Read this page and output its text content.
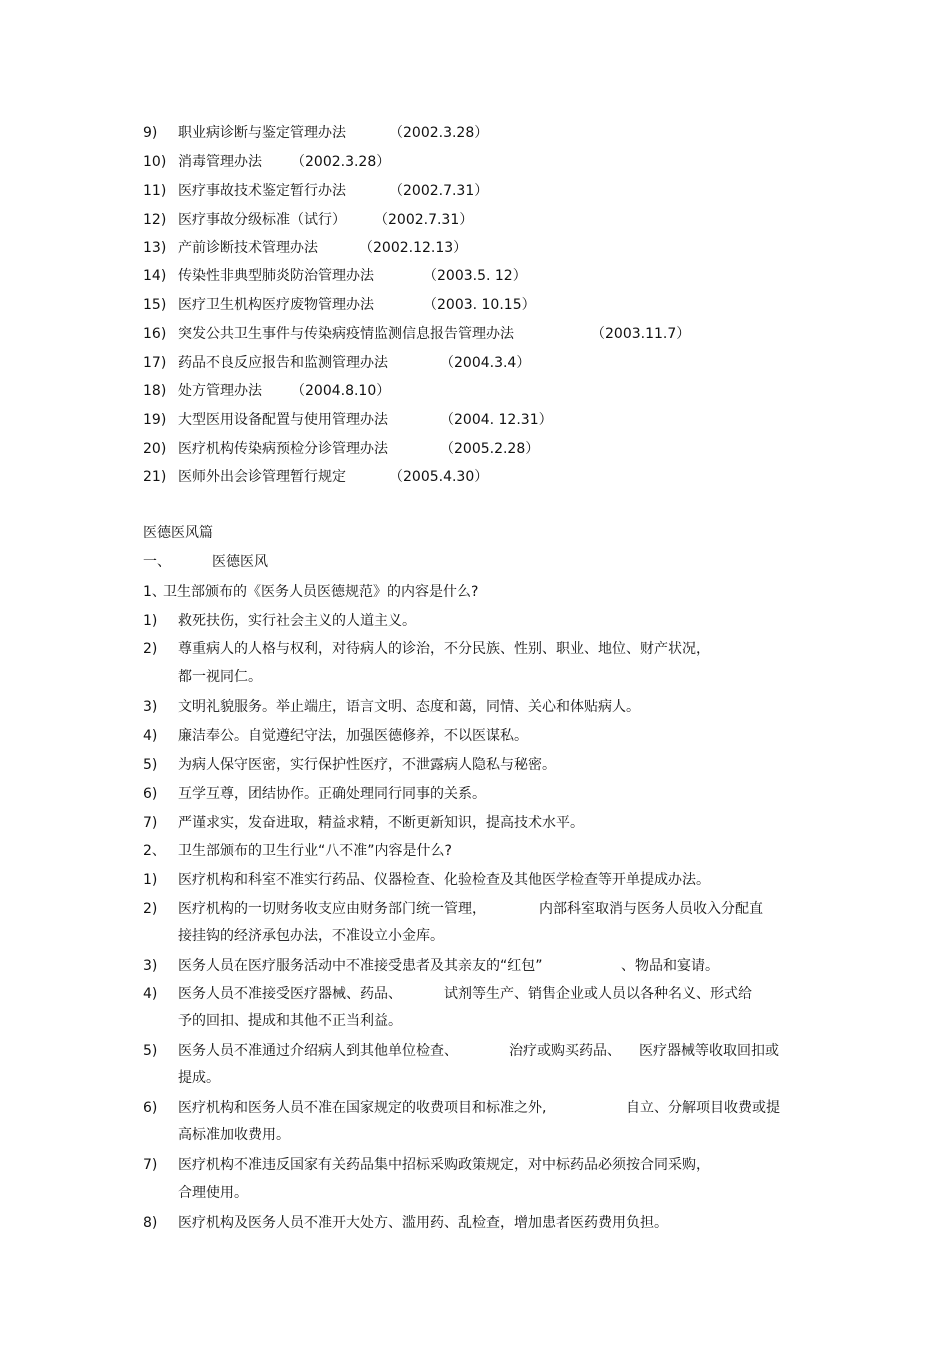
9) 职业病诊断与鉴定管理办法	（2002.3.28）
10) 消毒管理办法 （2002.3.28）
11) 医疗事故技术鉴定暂行办法	（2002.7.31）
12) 医疗事故分级标准（试行） （2002.7.31）
13) 产前诊断技术管理办法	（2002.12.13）
14) 传染性非典型肺炎防治管理办法	（2003.5. 12）
15) 医疗卫生机构医疗废物管理办法	（2003. 10.15）
16) 突发公共卫生事件与传染病疫情监测信息报告管理办法	（2003.11.7）
17) 药品不良反应报告和监测管理办法	（2004.3.4）
18) 处方管理办法 （2004.8.10）
19) 大型医用设备配置与使用管理办法	（2004. 12.31）
20) 医疗机构传染病预检分诊管理办法	（2005.2.28）
21) 医师外出会诊管理暂行规定	（2005.4.30）
医德医风篇
一、	医德医风
1、
卫生部颁布的《医务人员医德规范》的内容是什么?
1) 救死扶伤，实行社会主义的人道主义。
2) 尊重病人的人格与权利，对待病人的诊治，不分民族、性别、职业、地位、财产状况，
都一视同仁。
3) 文明礼貌服务。举止端庄，语言文明、态度和蔼，同情、关心和体贴病人。
4) 廉洁奉公。自觉遵纪守法，加强医德修养，不以医谋私。
5) 为病人保守医密，实行保护性医疗，不泄露病人隐私与秘密。
6) 互学互尊，团结协作。正确处理同行同事的关系。
7) 严谨求实，发奋进取，精益求精，不断更新知识，提高技术水平。
2、 卫生部颁布的卫生行业“八不准”内容是什么?
1) 医疗机构和科室不准实行药品、仪器检查、化验检查及其他医学检查等开单提成办法。
2) 医疗机构的一切财务收支应由财务部门统一管理，	内部科室取消与医务人员收入分配直
接挂钩的经济承包办法，不准设立小金库。
3) 医务人员在医疗服务活动中不准接受患者及其亲友的“红包”	、物品和宴请。
4) 医务人员不准接受医疗器械、药品、	试剂等生产、销售企业或人员以各种名义、形式给
予的回扣、提成和其他不正当利益。
5) 医务人员不准通过介绍病人到其他单位检查、	治疗或购买药品、 医疗器械等收取回扣或
提成。
6) 医疗机构和医务人员不准在国家规定的收费项目和标准之外,	自立、分解项目收费或提
高标准加收费用。
7) 医疗机构不准违反国家有关药品集中招标采购政策规定，对中标药品必须按合同采购，
合理使用。
8) 医疗机构及医务人员不准开大处方、滥用药、乱检查，增加患者医药费用负担。
